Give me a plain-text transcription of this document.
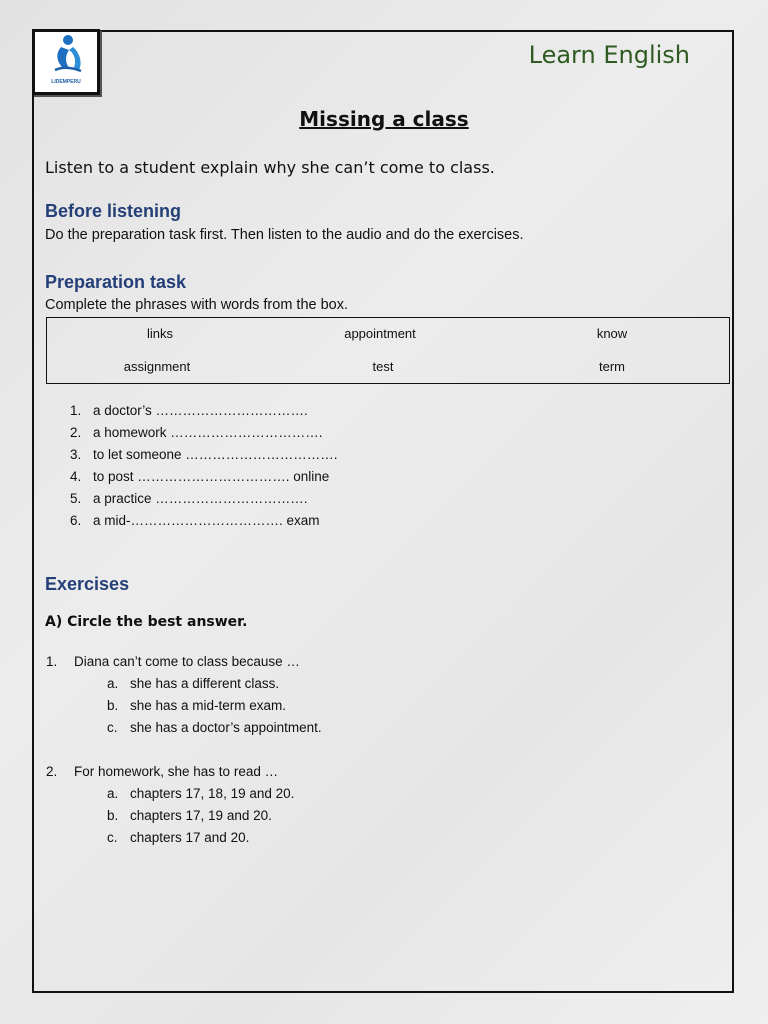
LIDEMPERU
Learn English
Missing a class
Listen to a student explain why she can’t come to class.
Before listening
Do the preparation task first. Then listen to the audio and do the exercises.
Preparation task
Complete the phrases with words from the box.
links	appointment	know
assignment	test	term
1. a doctor’s …………………………….
2. a homework …………………………….
3. to let someone …………………………….
4. to post ……………………………. online
5. a practice …………………………….
6. a mid-……………………………. exam
Exercises
A) Circle the best answer.
1. Diana can’t come to class because …
a. she has a different class.
b. she has a mid-term exam.
c. she has a doctor’s appointment.
2. For homework, she has to read …
a. chapters 17, 18, 19 and 20.
b. chapters 17, 19 and 20.
c. chapters 17 and 20.
